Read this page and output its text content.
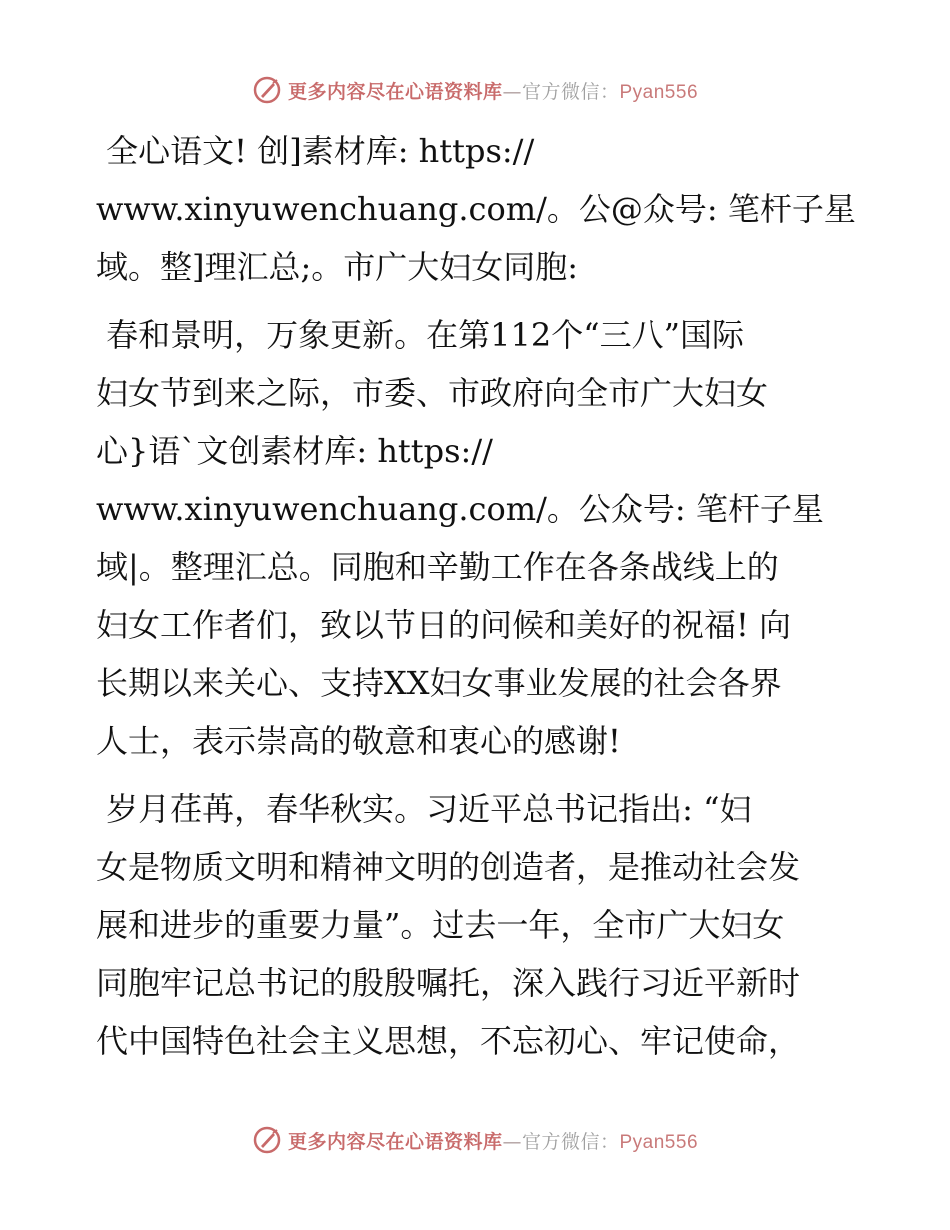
更多内容尽在心语资料库—官方微信：Pyan556

全心语文! 创]素材库: https://

www.xinyuwenchuang.com/。公@众号: 笔杆子星

域。整]理汇总;。市广大妇女同胞:

春和景明，万象更新。在第112个“三八”国际

妇女节到来之际，市委、市政府向全市广大妇女

心}语`文创素材库: https://

www.xinyuwenchuang.com/。公众号: 笔杆子星

域|。整理汇总。同胞和辛勤工作在各条战线上的

妇女工作者们，致以节日的问候和美好的祝福! 向

长期以来关心、支持XX妇女事业发展的社会各界

人士，表示崇高的敬意和衷心的感谢!

岁月荏苒，春华秋实。习近平总书记指出: “妇

女是物质文明和精神文明的创造者，是推动社会发

展和进步的重要力量”。过去一年，全市广大妇女

同胞牢记总书记的殷殷嘱托，深入践行习近平新时

代中国特色社会主义思想，不忘初心、牢记使命，

更多内容尽在心语资料库—官方微信：Pyan556
